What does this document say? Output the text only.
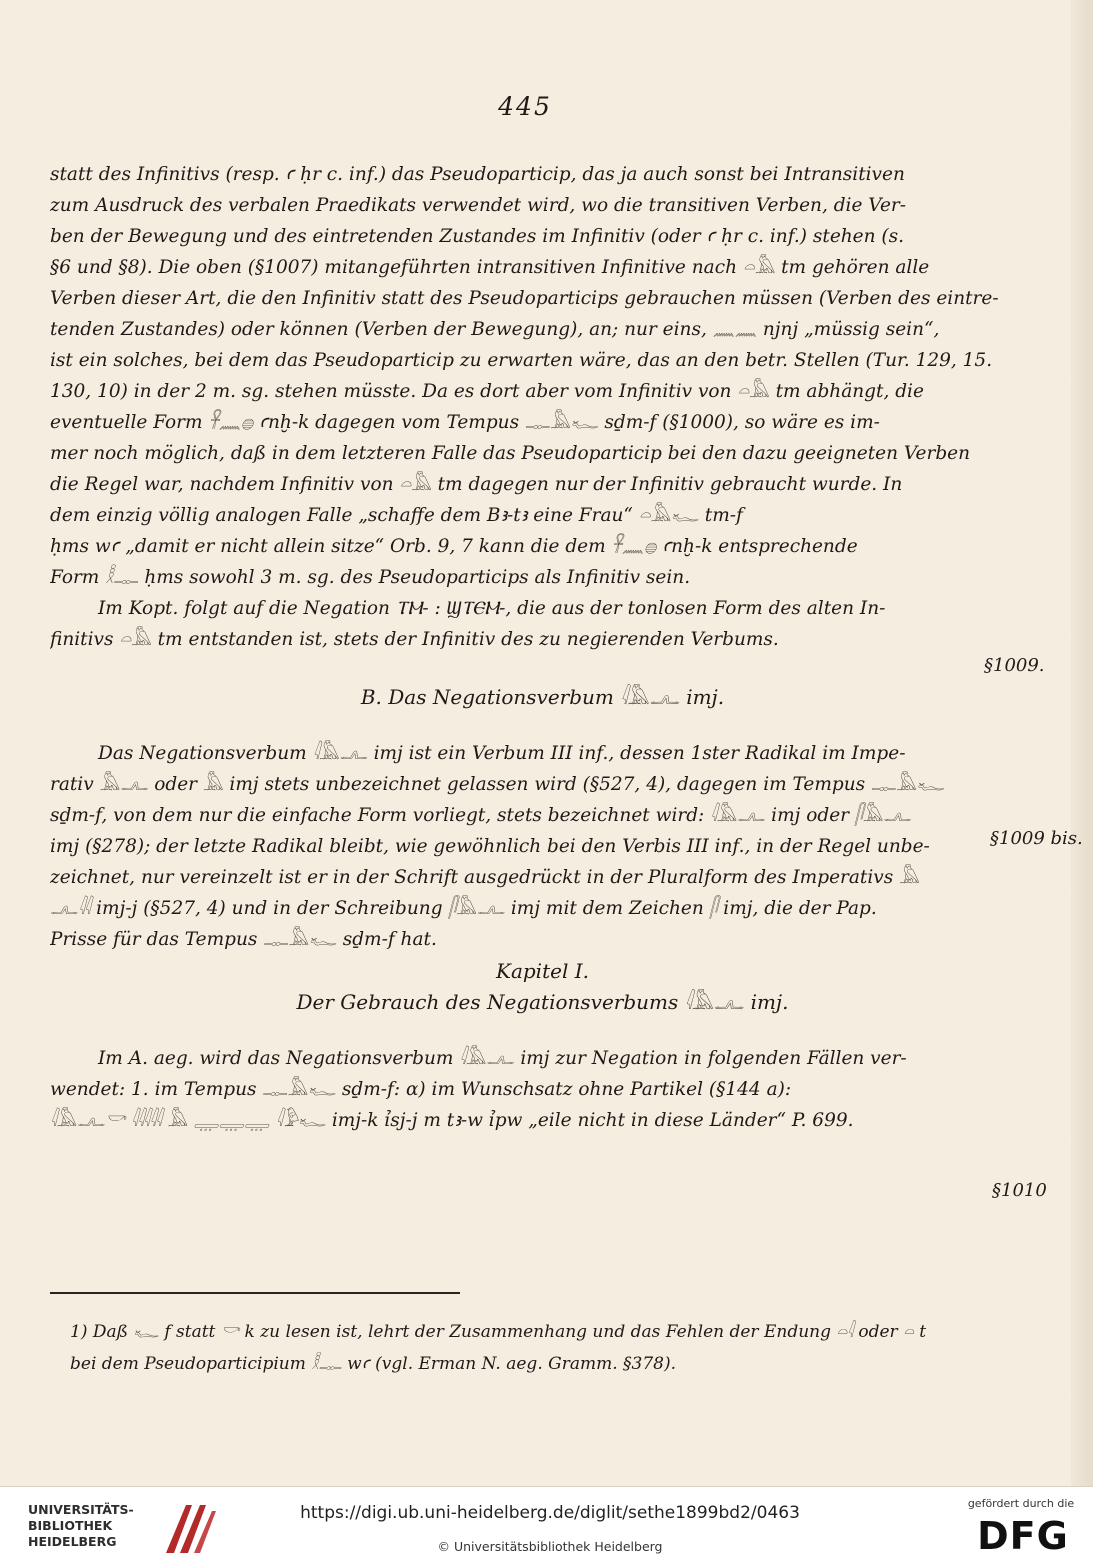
445
statt des Infinitivs (resp. ꜥ ḥr c. inf.) das Pseudoparticip, das ja auch sonst bei Intransitiven
zum Ausdruck des verbalen Praedikats verwendet wird, wo die transitiven Verben, die Ver-
ben der Bewegung und des eintretenden Zustandes im Infinitiv (oder ꜥ ḥr c. inf.) stehen (s.
§6 und §8). Die oben (§1007) mitangeführten intransitiven Infinitive nach 𓏏𓅓 tm gehören alle
Verben dieser Art, die den Infinitiv statt des Pseudoparticips gebrauchen müssen (Verben des eintre-
tenden Zustandes) oder können (Verben der Bewegung), an; nur eins, 𓈖𓈖 njnj „müssig sein“,
ist ein solches, bei dem das Pseudoparticip zu erwarten wäre, das an den betr. Stellen (Tur. 129, 15.
130, 10) in der 2 m. sg. stehen müsste. Da es dort aber vom Infinitiv von 𓏏𓅓 tm abhängt, die
eventuelle Form 𓋹𓈖𓐍 ꜥnḫ-k dagegen vom Tempus 𓊃𓅓𓆑 sḏm-f (§1000), so wäre es im-
mer noch möglich, daß in dem letzteren Falle das Pseudoparticip bei den dazu geeigneten Verben
die Regel war, nachdem Infinitiv von 𓏏𓅓 tm dagegen nur der Infinitiv gebraucht wurde. In
dem einzig völlig analogen Falle „schaffe dem Bꜣ-tꜣ eine Frau“ 𓏏𓅓𓆑 tm-f
ḥms wꜥ „damit er nicht allein sitze“ Orb. 9, 7 kann die dem 𓋹𓈖𓐍 ꜥnḫ-k entsprechende
Form 𓎛𓊃 ḥms sowohl 3 m. sg. des Pseudoparticips als Infinitiv sein.
Im Kopt. folgt auf die Negation ⲦⲘ- : ϢⲦⲈⲘ-, die aus der tonlosen Form des alten In-
finitivs 𓏏𓅓 tm entstanden ist, stets der Infinitiv des zu negierenden Verbums.
B. Das Negationsverbum 𓇋𓅓𓂜 imj.
Das Negationsverbum 𓇋𓅓𓂜 imj ist ein Verbum III inf., dessen 1ster Radikal im Impe-
rativ 𓅓𓂜 oder 𓅓 imj stets unbezeichnet gelassen wird (§527, 4), dagegen im Tempus 𓊃𓅓𓆑
sḏm-f, von dem nur die einfache Form vorliegt, stets bezeichnet wird: 𓇋𓅓𓂜 imj oder 𓋴𓅓𓂜
imj (§278); der letzte Radikal bleibt, wie gewöhnlich bei den Verbis III inf., in der Regel unbe-
zeichnet, nur vereinzelt ist er in der Schrift ausgedrückt in der Pluralform des Imperativs 𓅓
𓂜𓇌 imj-j (§527, 4) und in der Schreibung 𓋴𓅓𓂜 imj mit dem Zeichen 𓋴 imj, die der Pap.
Prisse für das Tempus 𓊃𓅓𓆑 sḏm-f hat.
Kapitel I.
Der Gebrauch des Negationsverbums 𓇋𓅓𓂜 imj.
Im A. aeg. wird das Negationsverbum 𓇋𓅓𓂜 imj zur Negation in folgenden Fällen ver-
wendet: 1. im Tempus 𓊃𓅓𓆑 sḏm-f: α) im Wunschsatz ohne Partikel (§144 a):
𓇋𓅓𓂜𓎡 𓇋𓇌𓇌 𓅓 𓇾𓇾𓇾 𓇋𓅱𓆑 imj-k ỉsj-j m tꜣ-w ỉpw „eile nicht in diese Länder“ P. 699.
§1009.
§1009 bis.
§1010
1) Daß 𓆑 f statt 𓎡 k zu lesen ist, lehrt der Zusammenhang und das Fehlen der Endung 𓏏𓇋 oder 𓏏 t
bei dem Pseudoparticipium 𓎛𓊃 wꜥ (vgl. Erman N. aeg. Gramm. §378).
UNIVERSITÄTS-
BIBLIOTHEK
HEIDELBERG
https://digi.ub.uni-heidelberg.de/diglit/sethe1899bd2/0463
© Universitätsbibliothek Heidelberg
gefördert durch die
DFG
